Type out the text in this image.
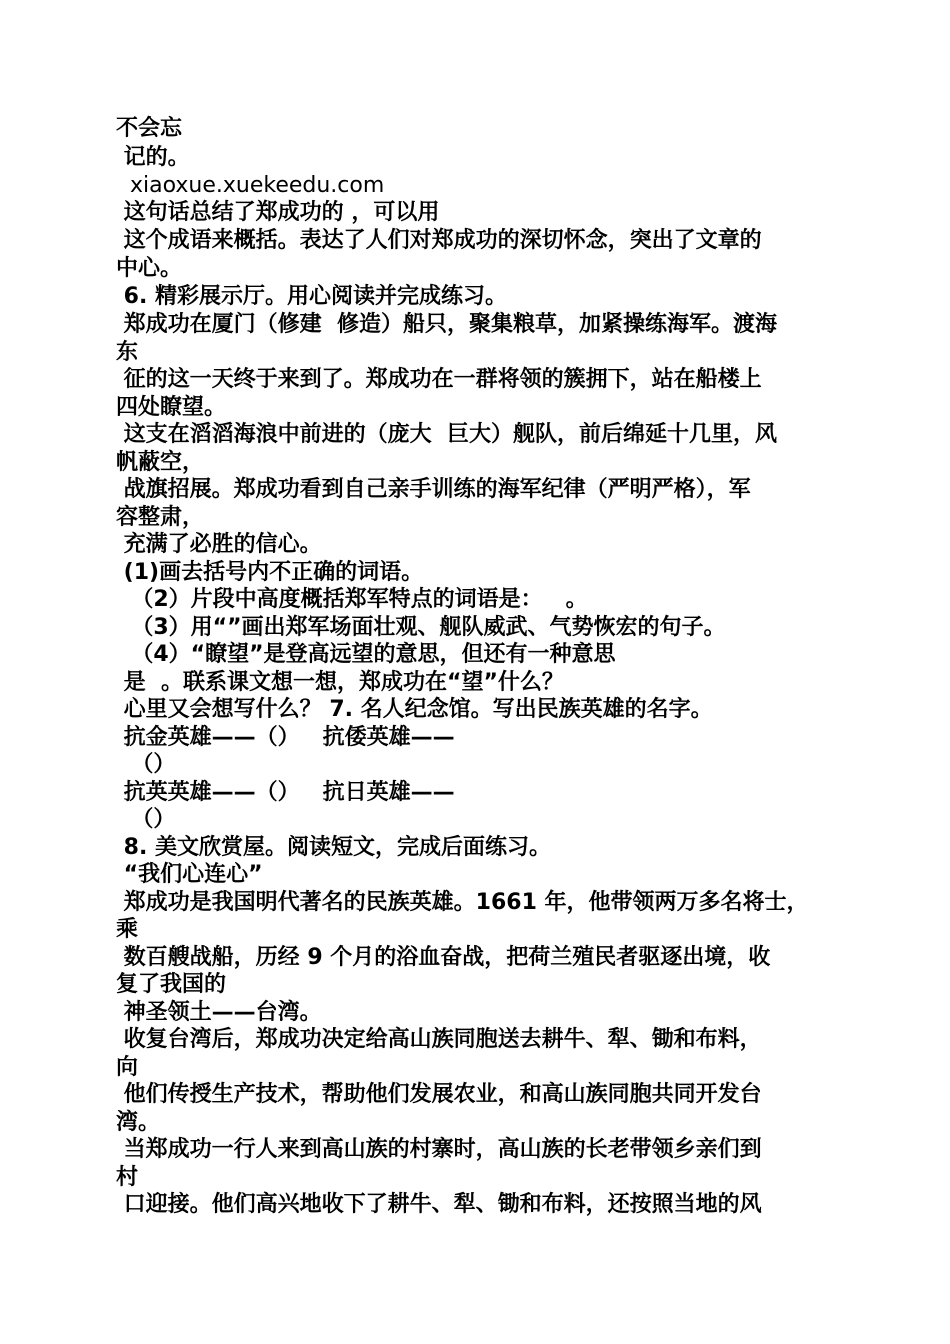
不会忘
记的。
xiaoxue.xuekeedu.com
这句话总结了郑成功的 ，可以用
这个成语来概括。表达了人们对郑成功的深切怀念，突出了文章的
中心。
6. 精彩展示厅。用心阅读并完成练习。
郑成功在厦门（修建  修造）船只，聚集粮草，加紧操练海军。渡海
东
征的这一天终于来到了。郑成功在一群将领的簇拥下，站在船楼上
四处瞭望。
这支在滔滔海浪中前进的（庞大  巨大）舰队，前后绵延十几里，风
帆蔽空，
战旗招展。郑成功看到自己亲手训练的海军纪律（严明严格），军
容整肃，
充满了必胜的信心。
(1)画去括号内不正确的词语。
（2）片段中高度概括郑军特点的词语是：   。
（3）用“”画出郑军场面壮观、舰队威武、气势恢宏的句子。
（4）“瞭望”是登高远望的意思，但还有一种意思
是  。联系课文想一想，郑成功在“望”什么？
心里又会想写什么？ 7. 名人纪念馆。写出民族英雄的名字。
抗金英雄——（）   抗倭英雄——
（）
抗英英雄——（）   抗日英雄——
（）
8. 美文欣赏屋。阅读短文，完成后面练习。
“我们心连心”
郑成功是我国明代著名的民族英雄。1661 年，他带领两万多名将士，
乘
数百艘战船，历经 9 个月的浴血奋战，把荷兰殖民者驱逐出境，收
复了我国的
神圣领土——台湾。
收复台湾后，郑成功决定给高山族同胞送去耕牛、犁、锄和布料，
向
他们传授生产技术，帮助他们发展农业，和高山族同胞共同开发台
湾。
当郑成功一行人来到高山族的村寨时，高山族的长老带领乡亲们到
村
口迎接。他们高兴地收下了耕牛、犁、锄和布料，还按照当地的风
